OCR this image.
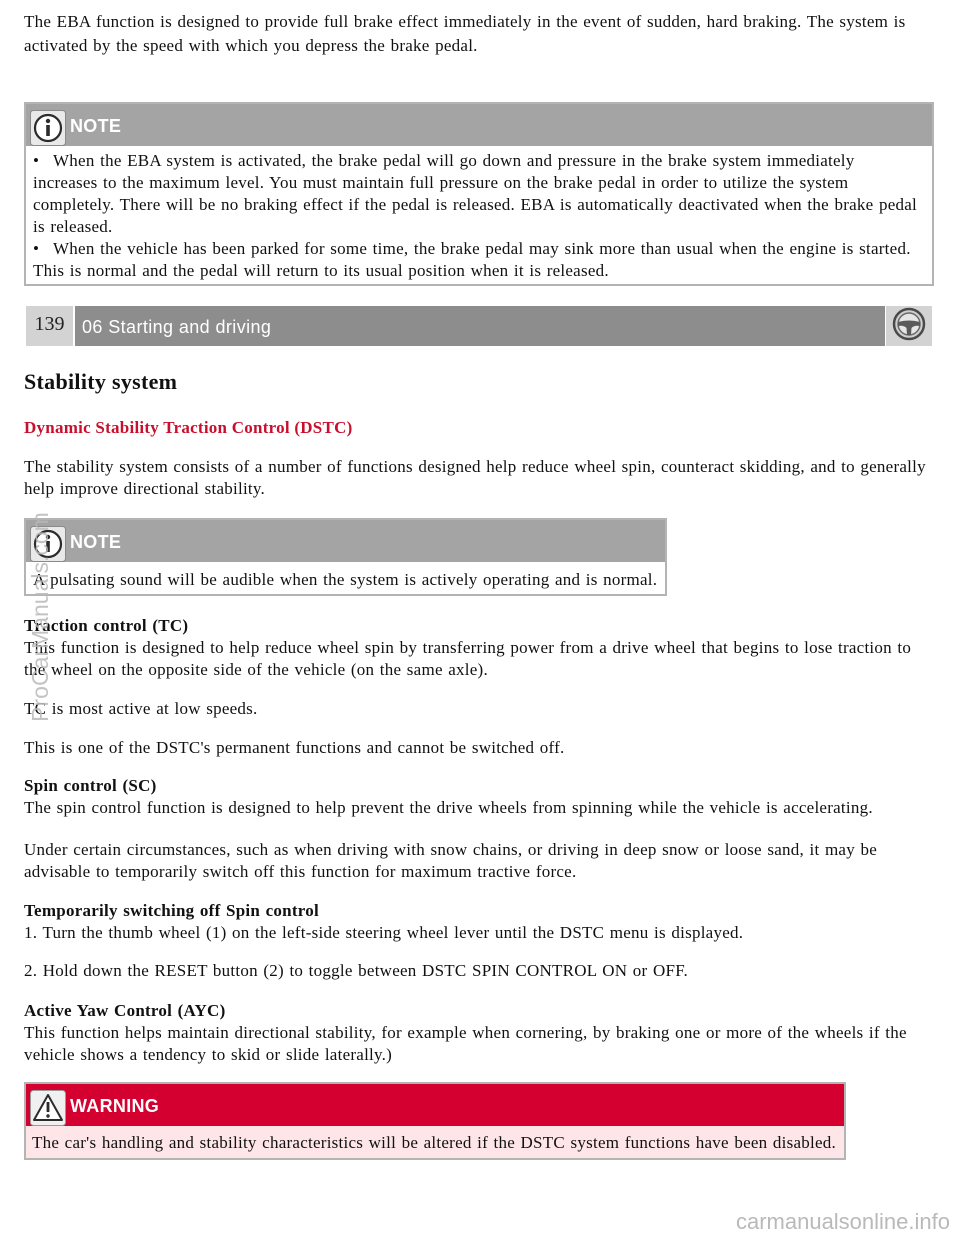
The EBA function is designed to provide full brake effect immediately in the event of sudden, hard braking. The system is activated by the speed with which you depress the brake pedal.
NOTE
• When the EBA system is activated, the brake pedal will go down and pressure in the brake system immediately increases to the maximum level. You must maintain full pressure on the brake pedal in order to utilize the system completely. There will be no braking effect if the pedal is released. EBA is automatically deactivated when the brake pedal is released.
• When the vehicle has been parked for some time, the brake pedal may sink more than usual when the engine is started. This is normal and the pedal will return to its usual position when it is released.
139 06 Starting and driving
Stability system
Dynamic Stability Traction Control (DSTC)
The stability system consists of a number of functions designed help reduce wheel spin, counteract skidding, and to generally help improve directional stability.
NOTE
A pulsating sound will be audible when the system is actively operating and is normal.
Traction control (TC)
This function is designed to help reduce wheel spin by transferring power from a drive wheel that begins to lose traction to the wheel on the opposite side of the vehicle (on the same axle).
TC is most active at low speeds.
This is one of the DSTC's permanent functions and cannot be switched off.
Spin control (SC)
The spin control function is designed to help prevent the drive wheels from spinning while the vehicle is accelerating.
Under certain circumstances, such as when driving with snow chains, or driving in deep snow or loose sand, it may be advisable to temporarily switch off this function for maximum tractive force.
Temporarily switching off Spin control
1. Turn the thumb wheel (1) on the left-side steering wheel lever until the DSTC menu is displayed.
2. Hold down the RESET button (2) to toggle between DSTC SPIN CONTROL ON or OFF.
Active Yaw Control (AYC)
This function helps maintain directional stability, for example when cornering, by braking one or more of the wheels if the vehicle shows a tendency to skid or slide laterally.)
WARNING
The car's handling and stability characteristics will be altered if the DSTC system functions have been disabled.
ProCarManuals.com
carmanualsonline.info
